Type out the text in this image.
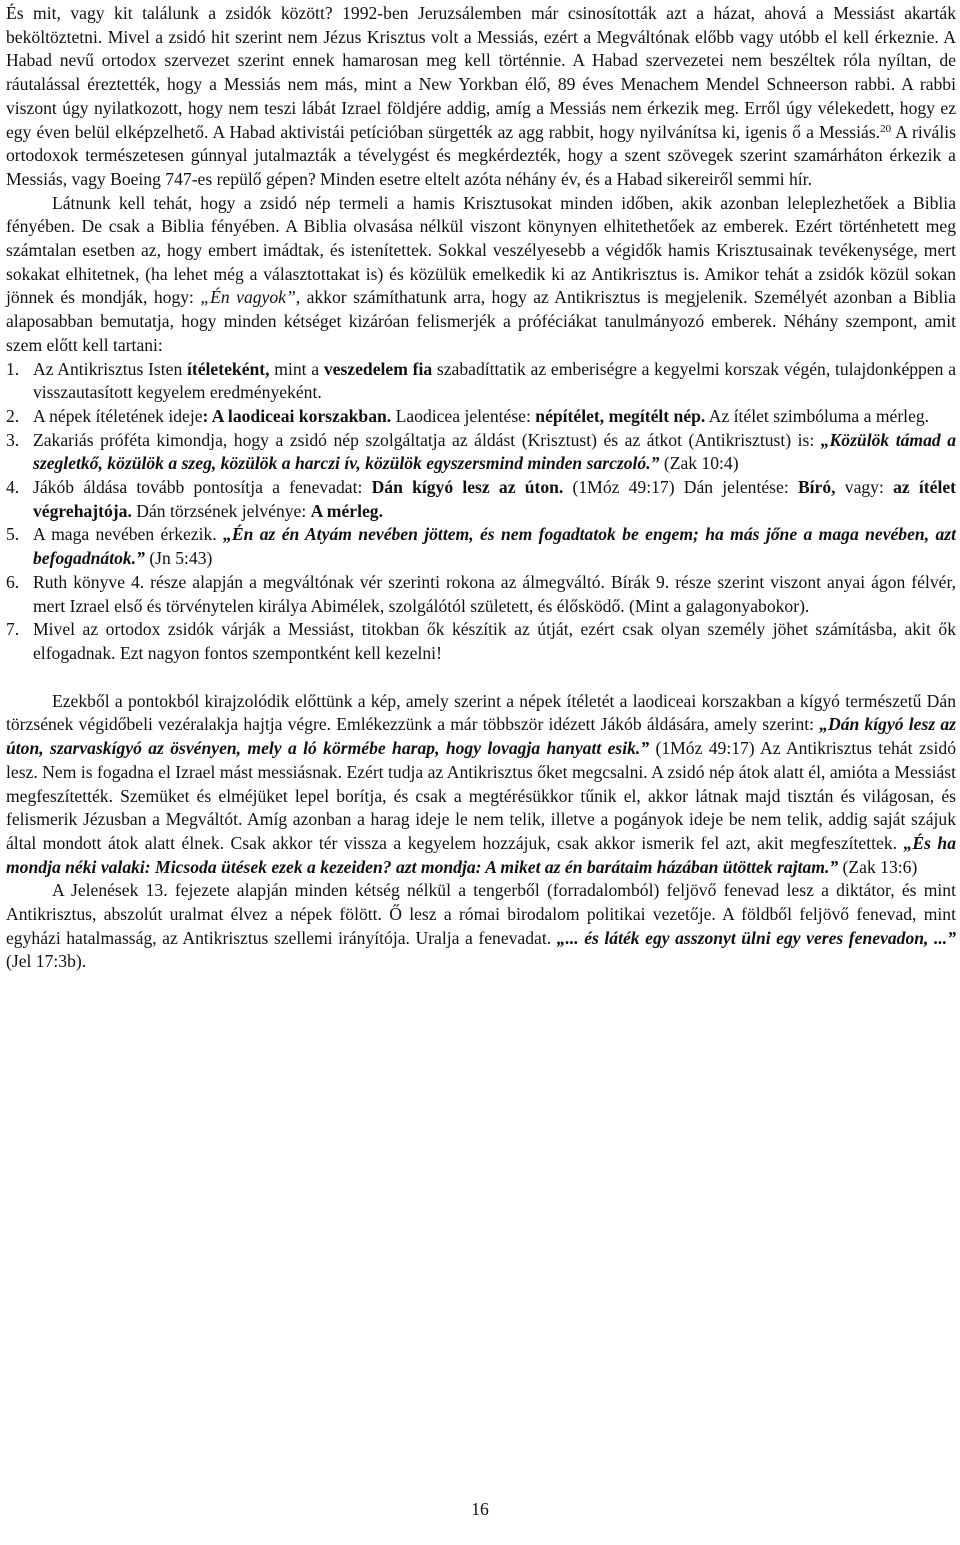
És mit, vagy kit találunk a zsidók között? 1992-ben Jeruzsálemben már csinosították azt a házat, ahová a Messiást akarták beköltöztetni. Mivel a zsidó hit szerint nem Jézus Krisztus volt a Messiás, ezért a Megváltónak előbb vagy utóbb el kell érkeznie. A Habad nevű ortodox szervezet szerint ennek hamarosan meg kell történnie. A Habad szervezetei nem beszéltek róla nyíltan, de ráutalással éreztették, hogy a Messiás nem más, mint a New Yorkban élő, 89 éves Menachem Mendel Schneerson rabbi. A rabbi viszont úgy nyilatkozott, hogy nem teszi lábát Izrael földjére addig, amíg a Messiás nem érkezik meg. Erről úgy vélekedett, hogy ez egy éven belül elképzelhető. A Habad aktivistái petícióban sürgették az agg rabbit, hogy nyilvánítsa ki, igenis ő a Messiás.$^{20}$ A rivális ortodoxok természetesen gúnnyal jutalmazták a tévelygést és megkérdezték, hogy a szent szövegek szerint szamárháton érkezik a Messiás, vagy Boeing 747-es repülő gépen? Minden esetre eltelt azóta néhány év, és a Habad sikereiről semmi hír.

Látnunk kell tehát, hogy a zsidó nép termeli a hamis Krisztusokat minden időben, akik azonban leleplezhetőek a Biblia fényében. De csak a Biblia fényében. A Biblia olvasása nélkül viszont könynyen elhitethetőek az emberek. Ezért történhetett meg számtalan esetben az, hogy embert imádtak, és istenítettek. Sokkal veszélyesebb a végidők hamis Krisztusainak tevékenysége, mert sokakat elhitetnek, (ha lehet még a választottakat is) és közülük emelkedik ki az Antikrisztus is. Amikor tehát a zsidók közül sokan jönnek és mondják, hogy: „Én vagyok”, akkor számíthatunk arra, hogy az Antikrisztus is megjelenik. Személyét azonban a Biblia alaposabban bemutatja, hogy minden kétséget kizáróan felismerjék a próféciákat tanulmányozó emberek. Néhány szempont, amit szem előtt kell tartani:

1. Az Antikrisztus Isten ítéleteként, mint a veszedelem fia szabadíttatik az emberiségre a kegyelmi korszak végén, tulajdonképpen a visszautasított kegyelem eredményeként.
2. A népek ítéletének ideje: A laodiceai korszakban. Laodicea jelentése: népítélet, megítélt nép. Az ítélet szimbóluma a mérleg.
3. Zakariás próféta kimondja, hogy a zsidó nép szolgáltatja az áldást (Krisztust) és az átkot (Antikrisztust) is: „Közülök támad a szegletkő, közülök a szeg, közülök a harczi ív, közülök egyszersmind minden sarczoló.” (Zak 10:4)
4. Jákób áldása tovább pontosítja a fenevadat: Dán kígyó lesz az úton. (1Móz 49:17) Dán jelentése: Bíró, vagy: az ítélet végrehajtója. Dán törzsének jelvénye: A mérleg.
5. A maga nevében érkezik. „Én az én Atyám nevében jöttem, és nem fogadtatok be engem; ha más jőne a maga nevében, azt befogadnátok.” (Jn 5:43)
6. Ruth könyve 4. része alapján a megváltónak vér szerinti rokona az álmegváltó. Bírák 9. része szerint viszont anyai ágon félvér, mert Izrael első és törvénytelen királya Abimélek, szolgálótól született, és élősködő. (Mint a galagonyabokor).
7. Mivel az ortodox zsidók várják a Messiást, titokban ők készítik az útját, ezért csak olyan személy jöhet számításba, akit ők elfogadnak. Ezt nagyon fontos szempontként kell kezelni!

Ezekből a pontokból kirajzolódik előttünk a kép, amely szerint a népek ítéletét a laodiceai korszakban a kígyó természetű Dán törzsének végidőbeli vezéralakja hajtja végre. Emlékezzünk a már többször idézett Jákób áldására, amely szerint: „Dán kígyó lesz az úton, szarvaskígyó az ösvényen, mely a ló körmébe harap, hogy lovagja hanyatt esik.” (1Móz 49:17) Az Antikrisztus tehát zsidó lesz. Nem is fogadna el Izrael mást messiásnak. Ezért tudja az Antikrisztus őket megcsalni. A zsidó nép átok alatt él, amióta a Messiást megfeszítették. Szemüket és elméjüket lepel borítja, és csak a megtérésükkor tűnik el, akkor látnak majd tisztán és világosan, és felismerik Jézusban a Megváltót. Amíg azonban a harag ideje le nem telik, illetve a pogányok ideje be nem telik, addig saját szájuk által mondott átok alatt élnek. Csak akkor tér vissza a kegyelem hozzájuk, csak akkor ismerik fel azt, akit megfeszítettek. „És ha mondja néki valaki: Micsoda ütések ezek a kezeiden? azt mondja: A miket az én barátaim házában ütöttek rajtam.” (Zak 13:6)

A Jelenések 13. fejezete alapján minden kétség nélkül a tengerből (forradalomból) feljövő fenevad lesz a diktátor, és mint Antikrisztus, abszolút uralmat élvez a népek fölött. Ő lesz a római birodalom politikai vezetője. A földből feljövő fenevad, mint egyházi hatalmasság, az Antikrisztus szellemi irányítója. Uralja a fenevadat. „... és láték egy asszonyt ülni egy veres fenevadon, ...” (Jel 17:3b).

16
